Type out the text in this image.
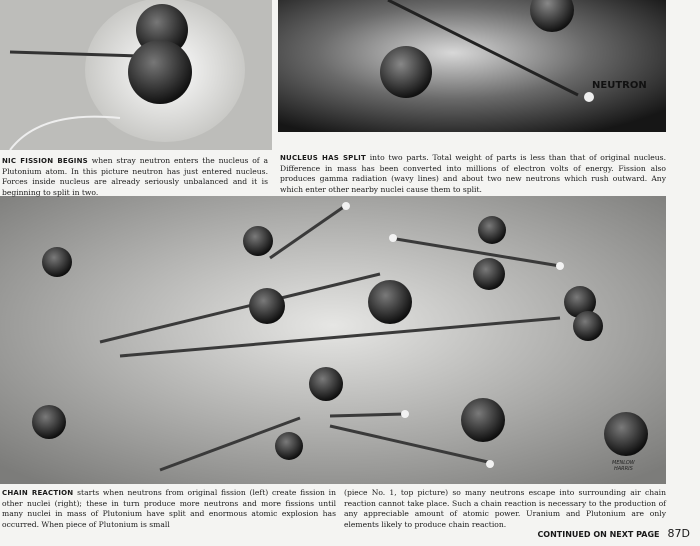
NEUTRON
MENLOW
HARRIS
NIC FISSION BEGINS when stray neutron enters the nucleus of a Plutonium atom. In this picture neutron has just entered nucleus. Forces inside nucleus are already seriously unbalanced and it is beginning to split in two.
NUCLEUS HAS SPLIT into two parts. Total weight of parts is less than that of original nucleus. Difference in mass has been converted into millions of electron volts of energy. Fission also produces gamma radiation (wavy lines) and about two new neutrons which rush outward. Any which enter other nearby nuclei cause them to split.
CHAIN REACTION starts when neutrons from original fission (left) create fission in other nuclei (right); these in turn produce more neutrons and more fissions until many nuclei in mass of Plutonium have split and enormous atomic explosion has occurred. When piece of Plutonium is small
(piece No. 1, top picture) so many neutrons escape into surrounding air chain reaction cannot take place. Such a chain reaction is necessary to the production of any appreciable amount of atomic power. Uranium and Plutonium are only elements likely to produce chain reaction.
CONTINUED ON NEXT PAGE 87D
